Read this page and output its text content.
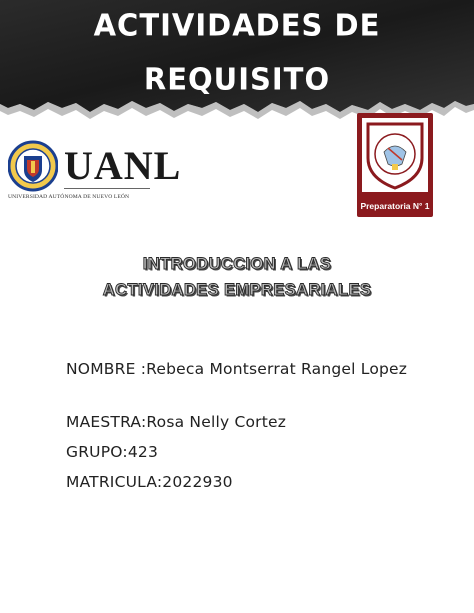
ACTIVIDADES DE
REQUISITO
UANL
UNIVERSIDAD AUTÓNOMA DE NUEVO LEÓN
Preparatoria N° 1
INTRODUCCION A LAS
ACTIVIDADES EMPRESARIALES
NOMBRE :Rebeca Montserrat Rangel Lopez
MAESTRA:Rosa Nelly Cortez
GRUPO:423
MATRICULA:2022930
